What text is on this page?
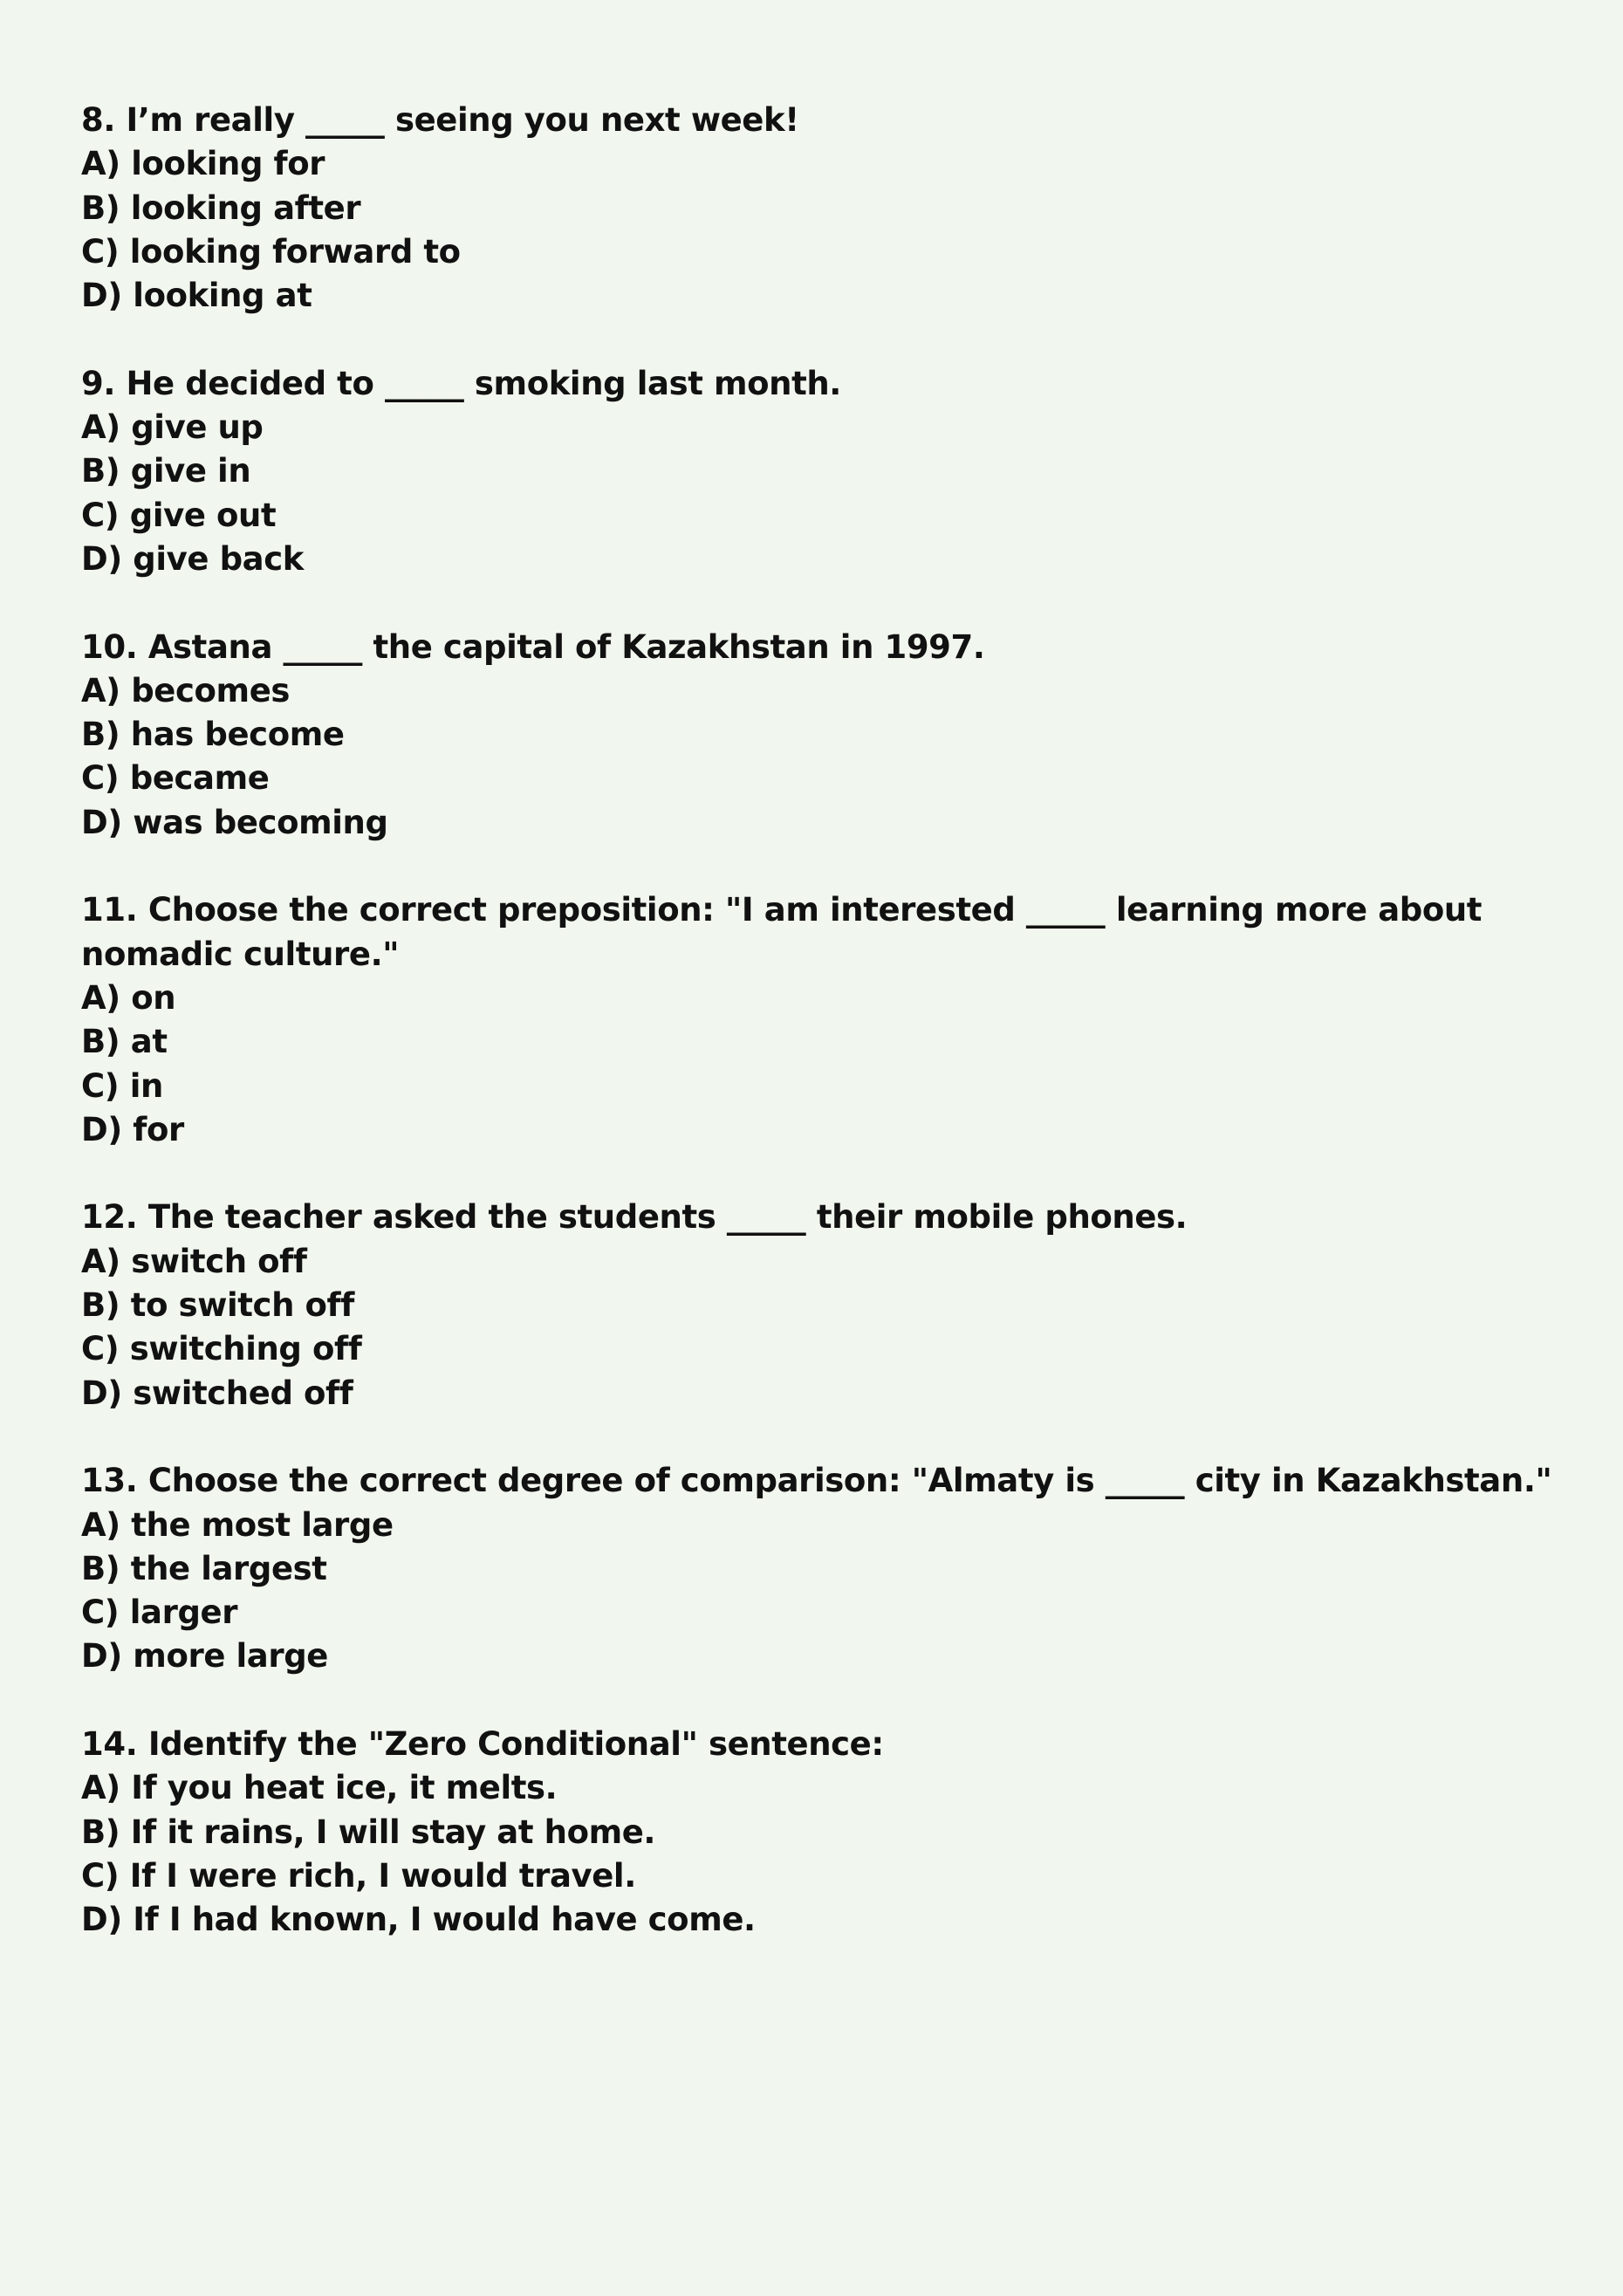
8. I’m really _____ seeing you next week!
A) looking for
B) looking after
C) looking forward to
D) looking at
9. He decided to _____ smoking last month.
A) give up
B) give in
C) give out
D) give back
10. Astana _____ the capital of Kazakhstan in 1997.
A) becomes
B) has become
C) became
D) was becoming
11. Choose the correct preposition: "I am interested _____ learning more about nomadic culture."
A) on
B) at
C) in
D) for
12. The teacher asked the students _____ their mobile phones.
A) switch off
B) to switch off
C) switching off
D) switched off
13. Choose the correct degree of comparison: "Almaty is _____ city in Kazakhstan."
A) the most large
B) the largest
C) larger
D) more large
14. Identify the "Zero Conditional" sentence:
A) If you heat ice, it melts.
B) If it rains, I will stay at home.
C) If I were rich, I would travel.
D) If I had known, I would have come.
